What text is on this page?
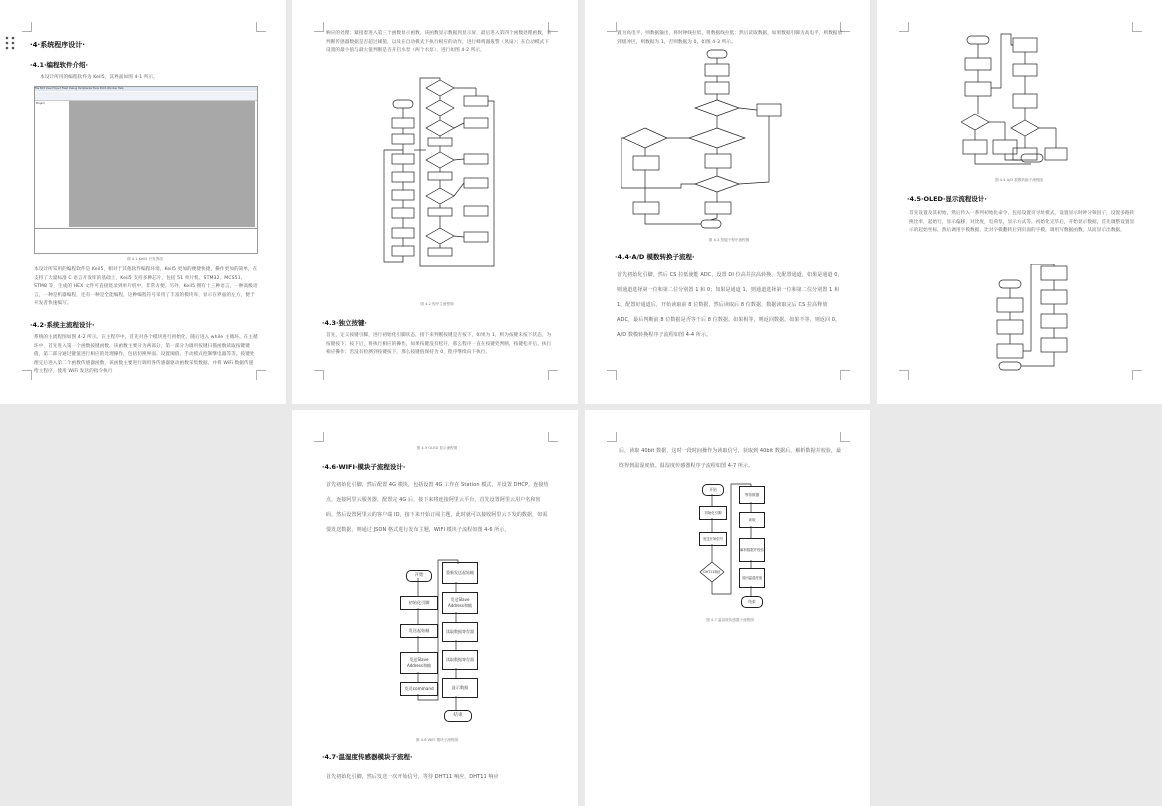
·4·系统程序设计·
·4.1·编程软件介绍·
本设计所用的编程软件为 Keil5，其界面如图 4-1 所示。
File Edit View Project Flash Debug Peripherals Tools SVCS Window Help
Project
图 4-1 Keil5 开发界面
本设计所采用的编程软件是 Keil5，相对于其他软件编程环境，Keil5 更加的便捷快捷，操作更加的简单，在支持了大量标准 C 语言开发库的基础上，Keil5 支持多种芯片，包括 51 单片机、STM32、MCS51、STM8 等，生成的 HEX 文件可直接烧录到单片机中，非常方便。另外，Keil5 拥有十三种语言，一种高级语言，一种是机器编程，还有一种是全能编程，这种编程符号采用了丰富的模块库，显示在界面的左方，便于开发者快速编写。
·4.2·系统主流程设计·
系统的主流程图如图 4-2 所示。在主程序中，首先对各个模块进行初始化，随后进入 while 主循环。在主循环中，首先进入第一个函数按键函数，该函数主要分为两部分，第一部分为调用按键扫描函数读取按键键值，第二部分通过键值进行相应的处理操作，包括切换界面、设置阈值、手动模式控制继电器等等。按键处理完后进入第二个函数传感器函数，该函数主要进行调用各传感器驱动函数采集数据，并将 WiFi 数据传递给主程序，使用 WiFi 发送的指令执行
响应的处理；紧接着进入第三个函数显示函数，该函数显示数据到显示屏，最后进入第四个函数处理函数，来判断传感器数据是否超过阈值，以及在自动模式下执行相应的动作，进行蜂鸣器报警（风扇）；在自动模式下设置的最小值与最大值判断是否开启水泵（两个水泵），进行如图 4-2 所示。
图 4-2 程序主流程图
·4.3·独立按键·
首先，定义按键引脚，进行初始化引脚状态，接下来判断按键是否按下，如果为 1，则为按键未按下状态，为按键按下；按下后，将执行相应的操作，如果按键没有松开，那么程序一直在按键处判断，按键松开后，执行相应操作；若没有检测到按键按下，那么按键值保持为 0，程序继续向下执行。
置为高电平，则数据输出，将时钟线拉低，将数据线拉低；然后读取数据，如果数据引脚为高电平，则数据放到缓冲区，则数据为 1，否则数据为 0，如图 4-3 所示。
图 4-3 按键子程序流程图
·4.4·A/D 模数转换子流程·
首先初始化引脚，然后 CS 拉低使能 ADC，设置 DI 位高并拉高转换，先配置通道，如果是通道 0，则通道选择第一位和第二位分别置 1 和 0；如果是通道 1，则通道选择第一位和第二位分别置 1 和 1。配置好通道后，开始读取前 8 位数据，然后读取后 8 位数据，数据读取完后 CS 拉高释放 ADC，最后判断前 8 位数据是否等于后 8 位数据，如果相等，则返回数据，如果不等，则返回 0。A/D 数模转换程序子流程如图 4-4 所示。
图 4-4 A/D 数模转换子流程图
·4.5·OLED·显示流程设计·
首先设置及其初始，然后传入一系列初始化命令，包括设置页寻址模式，设置显示时钟分频因子，设置多路转换比率，起始行，显示偏移，对比度，电荷泵，显示方式等。初始化完毕后，开始显示数据，首先调整设置显示的起始坐标，然后调用字模数据，比对字模翻转后到页面的字模，调用写数据函数，从而显示出数据。
图 4-5 OLED 显示流程图
·4.6·WIFI·模块子流程设计·
首先初始化引脚，然后配置 4G 模块，包括设置 4G 工作在 Station 模式，并设置 DHCP。连接热点，连接阿里云服务器，配置完 4G 后，接下来将连接阿里云平台，首先设置阿里云用户名和密码，然后设置阿里云的客户端 ID，接下来开始订阅主题，此时就可以接收阿里云下发的数据，如需要发送数据，则通过 JSON 格式进行发布主题，WIFI 模块子流程如图 4-6 所示。
开始
初始化引脚
发送起始帧
发送Slave Address和帧
发送command
重新发送起始帧
发送Slave Address和帧
读取数据寄存器
读取数据寄存器
显示数据
结束
图 4-6 WIFI 模块子流程图
·4.7·温湿度传感器模块子流程·
首先初始化引脚，然后发送一次开始信号，等待 DHT11 响应，DHT11 响应
后，读取 40bit 数据，这时一段时间操作为读取信号，获取到 40bit 数据后，解析数据并校验，最终得到温湿度值。温湿度传感器程序子流程如图 4-7 所示。
开始
初始化引脚
发送开始信号
DHT11响应
等待数据
读取
解析数据并校验
返回温湿度值
结束
图 4-7 温湿度传感器子流程图
